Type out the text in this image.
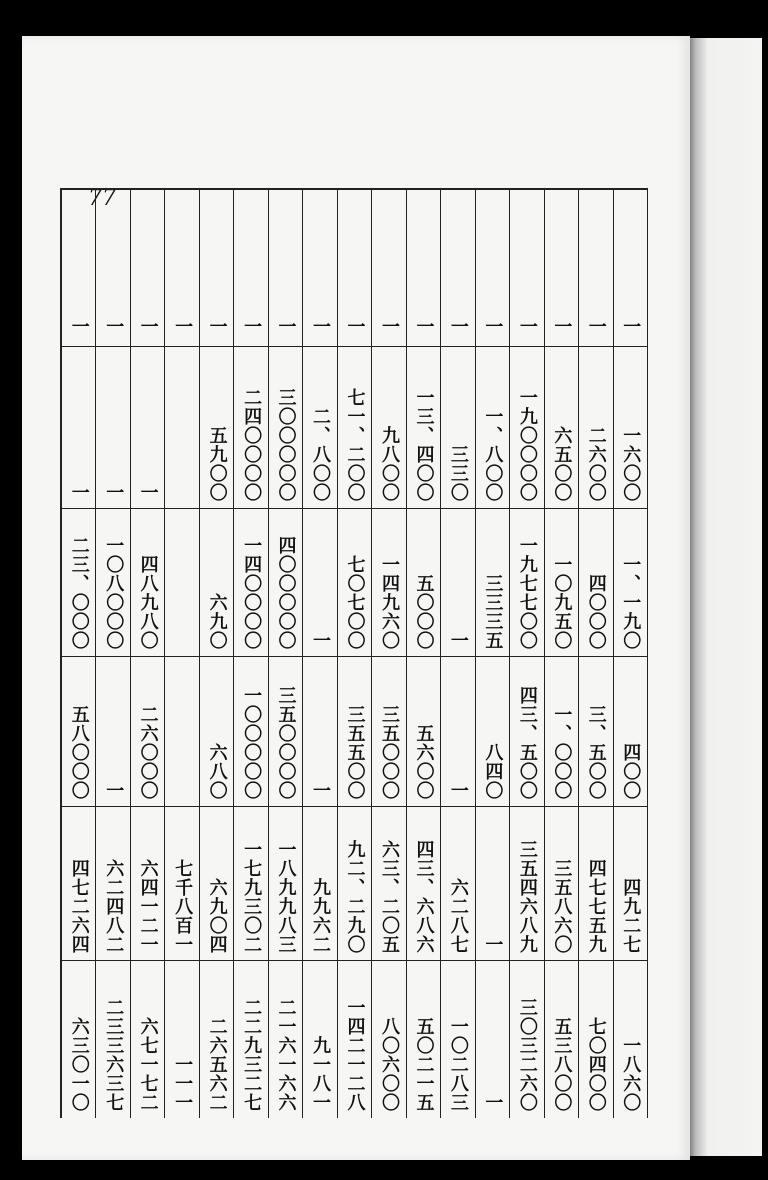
77
一
一六〇〇
一、一九〇
四〇〇
四九二七
一八六〇
一
二六〇〇
四〇〇〇
三、五〇〇
四七七五九
七〇四〇〇
一
六五〇〇
一〇九五〇
一、〇〇〇
三五八六〇
五三八〇〇
一
一九〇〇〇〇
一九七七〇〇
四三、五〇〇
三五四六八九
三〇三二六〇
一
一、八〇〇
三三三五
八四〇
一
一
一
三三〇
一
一
六二八七
一〇二八三
一
一三、四〇〇
五〇〇〇
五六〇〇
四三、六八六
五〇二一五
一
九八〇〇
一四九六〇
三五〇〇〇
六三、二〇五
八〇六〇〇
一
七一、二〇〇
七〇七〇〇
三五五〇〇
九二、二九〇
一四二一二八
一
二、八〇〇
一
一
九九六二
九一八一
一
三〇〇〇〇〇
四〇〇〇〇〇
三五〇〇〇〇
一八九九八三
二一六一六六
一
二四〇〇〇〇
一四〇〇〇〇
一〇〇〇〇〇
一七九三〇二
二二九三二七
一
五九〇〇
六九〇
六八〇
六九〇四
二六五六二
一
七千八百一
一一一
一
一
四八九八〇
二六〇〇〇
六四一二一
六七一七二
一
一
一〇八〇〇〇
一
六二四八二
二三三六三七
一
一
二三、〇〇〇
五八〇〇〇
四七二六四
六三〇一〇
